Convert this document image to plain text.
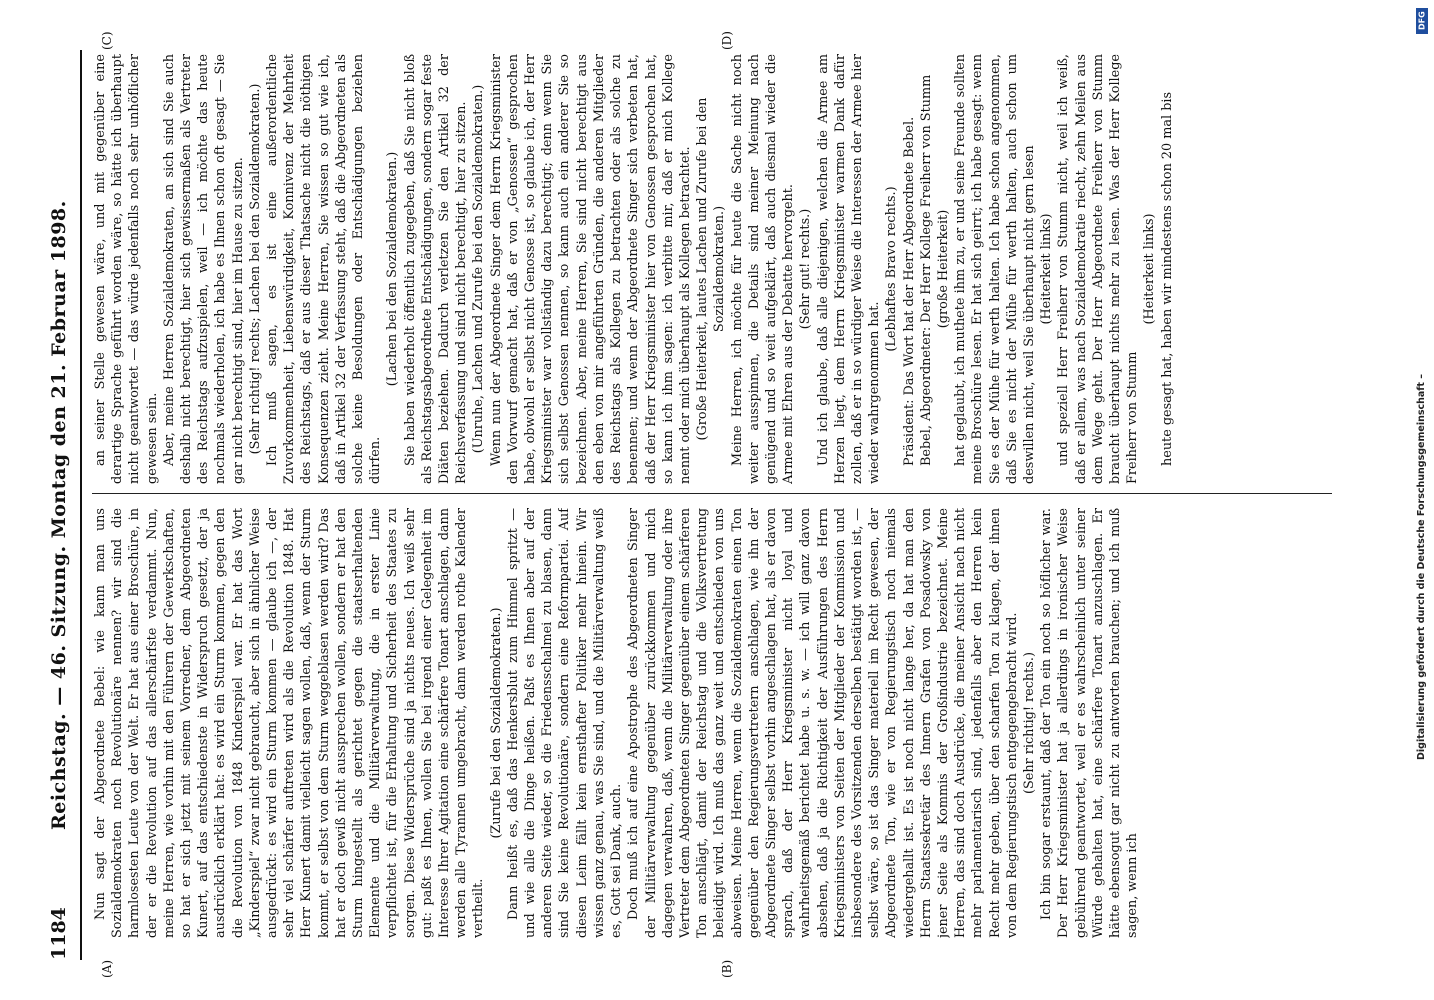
1184
Reichstag. — 46. Sitzung. Montag den 21. Februar 1898.
(A)	(B)
(C)	(D)

Nun sagt der Abgeordnete Bebel: wie kann man uns Sozialdemokraten noch Revolutionäre nennen? wir sind die harmlosesten Leute von der Welt. Er hat aus einer Broschüre, in der er die Revolution auf das allerschärfste verdammt. Nun, meine Herren, wie vorhin mit den Führern der Gewerkschaften, so hat er sich jetzt mit seinem Vorredner, dem Abgeordneten Kunert, auf das entschiedenste in Widerspruch gesetzt, der ja ausdrücklich erklärt hat: es wird ein Sturm kommen, gegen den die Revolution von 1848 Kinderspiel war. Er hat das Wort „Kinderspiel“ zwar nicht gebraucht, aber sich in ähnlicher Weise ausgedrückt: es wird ein Sturm kommen — glaube ich —, der sehr viel schärfer auftreten wird als die Revolution 1848. Hat Herr Kunert damit vielleicht sagen wollen, daß, wenn der Sturm kommt, er selbst von dem Sturm weggeblasen werden wird? Das hat er doch gewiß nicht aussprechen wollen, sondern er hat den Sturm hingestellt als gerichtet gegen die staatserhaltenden Elemente und die Militärverwaltung, die in erster Linie verpflichtet ist, für die Erhaltung und Sicherheit des Staates zu sorgen. Diese Widersprüche sind ja nichts neues. Ich weiß sehr gut: paßt es Ihnen, wollen Sie bei irgend einer Gelegenheit im Interesse Ihrer Agitation eine schärfere Tonart anschlagen, dann werden alle Tyrannen umgebracht, dann werden rothe Kalender vertheilt.

(Zurufe bei den Sozialdemokraten.) Dann heißt es, daß das Henkersblut zum Himmel spritzt — und wie alle die Dinge heißen. Paßt es Ihnen aber auf der anderen Seite wieder, so die Friedensschalmei zu blasen, dann sind Sie keine Revolutionäre, sondern eine Reformpartei. Auf diesen Leim fällt kein ernsthafter Politiker mehr hinein. Wir wissen ganz genau, was Sie sind, und die Militärverwaltung weiß es, Gott sei Dank, auch. Doch muß ich auf eine Apostrophe des Abgeordneten Singer der Militärverwaltung gegenüber zurückkommen und mich dagegen verwahren, daß, wenn die Militärverwaltung oder ihre Vertreter dem Abgeordneten Singer gegenüber einem schärferen Ton anschlägt, damit der Reichstag und die Volksvertretung beleidigt wird. Ich muß das ganz weit und entschieden von uns abweisen. Meine Herren, wenn die Sozialdemokraten einen Ton gegenüber den Regierungsvertretern anschlagen, wie ihn der Abgeordnete Singer selbst vorhin angeschlagen hat, als er davon sprach, daß der Herr Kriegsminister nicht loyal und wahrheitsgemäß berichtet habe u. s. w. — ich will ganz davon absehen, daß ja die Richtigkeit der Ausführungen des Herrn Kriegsministers von Seiten der Mitglieder der Kommission und insbesondere des Vorsitzenden derselben bestätigt worden ist, — selbst wäre, so ist das Singer materiell im Recht gewesen, der Abgeordnete Ton, wie er von Regierungstisch noch niemals wiedergehallt ist. Es ist noch nicht lange her, da hat man den Herrn Staatssekretär des Innern Grafen von Posadowsky von jener Seite als Kommis der Großindustrie bezeichnet. Meine Herren, das sind doch Ausdrücke, die meiner Ansicht nach nicht mehr parlamentarisch sind, jedenfalls aber den Herren kein Recht mehr geben, über den scharfen Ton zu klagen, der ihnen von dem Regierungstisch entgegengebracht wird. (Sehr richtig! rechts.) Ich bin sogar erstaunt, daß der Ton ein noch so höflicher war. Der Herr Kriegsminister hat ja allerdings in ironischer Weise gebührend geantwortet, weil er es wahrscheinlich unter seiner Würde gehalten hat, eine schärfere Tonart anzuschlagen. Er hätte ebensogut gar nicht zu antworten brauchen; und ich muß sagen, wenn ich

an seiner Stelle gewesen wäre, und mit gegenüber eine derartige Sprache geführt worden wäre, so hätte ich überhaupt nicht geantwortet — das würde jedenfalls noch sehr unhöflicher gewesen sein. Aber, meine Herren Sozialdemokraten, an sich sind Sie auch deshalb nicht berechtigt, hier sich gewissermaßen als Vertreter des Reichstags aufzuspielen, weil — ich möchte das heute nochmals wiederholen, ich habe es Ihnen schon oft gesagt — Sie gar nicht berechtigt sind, hier im Hause zu sitzen. (Sehr richtig! rechts; Lachen bei den Sozialdemokraten.) Ich muß sagen, es ist eine außerordentliche Zuvorkommenheit, Liebenswürdigkeit, Konnivenz der Mehrheit des Reichstags, daß er aus dieser Thatsache nicht die nöthigen Konsequenzen zieht. Meine Herren, Sie wissen so gut wie ich, daß in Artikel 32 der Verfassung steht, daß die Abgeordneten als solche keine Besoldungen oder Entschädigungen beziehen dürfen.

(Lachen bei den Sozialdemokraten.) Sie haben wiederholt öffentlich zugegeben, daß Sie nicht bloß als Reichstagsabgeordnete Entschädigungen, sondern sogar feste Diäten beziehen. Dadurch verletzen Sie den Artikel 32 der Reichsverfassung und sind nicht berechtigt, hier zu sitzen. (Unruhe, Lachen und Zurufe bei den Sozialdemokraten.) Wenn nun der Abgeordnete Singer dem Herrn Kriegsminister den Vorwurf gemacht hat, daß er von „Genossen“ gesprochen habe, obwohl er selbst nicht Genosse ist, so glaube ich, der Herr Kriegsminister war vollständig dazu berechtigt; denn wenn Sie sich selbst Genossen nennen, so kann auch ein anderer Sie so bezeichnen. Aber, meine Herren, Sie sind nicht berechtigt aus den eben von mir angeführten Gründen, die anderen Mitglieder des Reichstags als Kollegen zu betrachten oder als solche zu benennen; und wenn der Abgeordnete Singer sich verbeten hat, daß der Herr Kriegsminister hier von Genossen gesprochen hat, so kann ich ihm sagen: ich verbitte mir, daß er mich Kollege nennt oder mich überhaupt als Kollegen betrachtet. (Große Heiterkeit, lautes Lachen und Zurufe bei den Sozialdemokraten.) Meine Herren, ich möchte für heute die Sache nicht noch weiter ausspinnen, die Details sind meiner Meinung nach genügend und so weit aufgeklärt, daß auch diesmal wieder die Armee mit Ehren aus der Debatte hervorgeht. (Sehr gut! rechts.) Und ich glaube, daß alle diejenigen, welchen die Armee am Herzen liegt, dem Herrn Kriegsminister warmen Dank dafür zollen, daß er in so würdiger Weise die Interessen der Armee hier wieder wahrgenommen hat.

(Lebhaftes Bravo rechts.) Präsident: Das Wort hat der Herr Abgeordnete Bebel. Bebel, Abgeordneter: Der Herr Kollege Freiherr von Stumm (große Heiterkeit) hat geglaubt, ich muthete ihm zu, er und seine Freunde sollten meine Broschüre lesen. Er hat sich geirrt; ich habe gesagt: wenn Sie es der Mühe für werth halten. Ich habe schon angenommen, daß Sie es nicht der Mühe für werth halten, auch schon um deswillen nicht, weil Sie überhaupt nicht gern lesen (Heiterkeit links) und speziell Herr Freiherr von Stumm nicht, weil ich weiß, daß er allem, was nach Sozialdemokratie riecht, zehn Meilen aus dem Wege geht. Der Herr Abgeordnete Freiherr von Stumm braucht überhaupt nichts mehr zu lesen. Was der Herr Kollege Freiherr von Stumm

(Heiterkeit links) heute gesagt hat, haben wir mindestens schon 20 mal bis

DFG
Digitalisierung gefördert durch die Deutsche Forschungsgemeinschaft –
